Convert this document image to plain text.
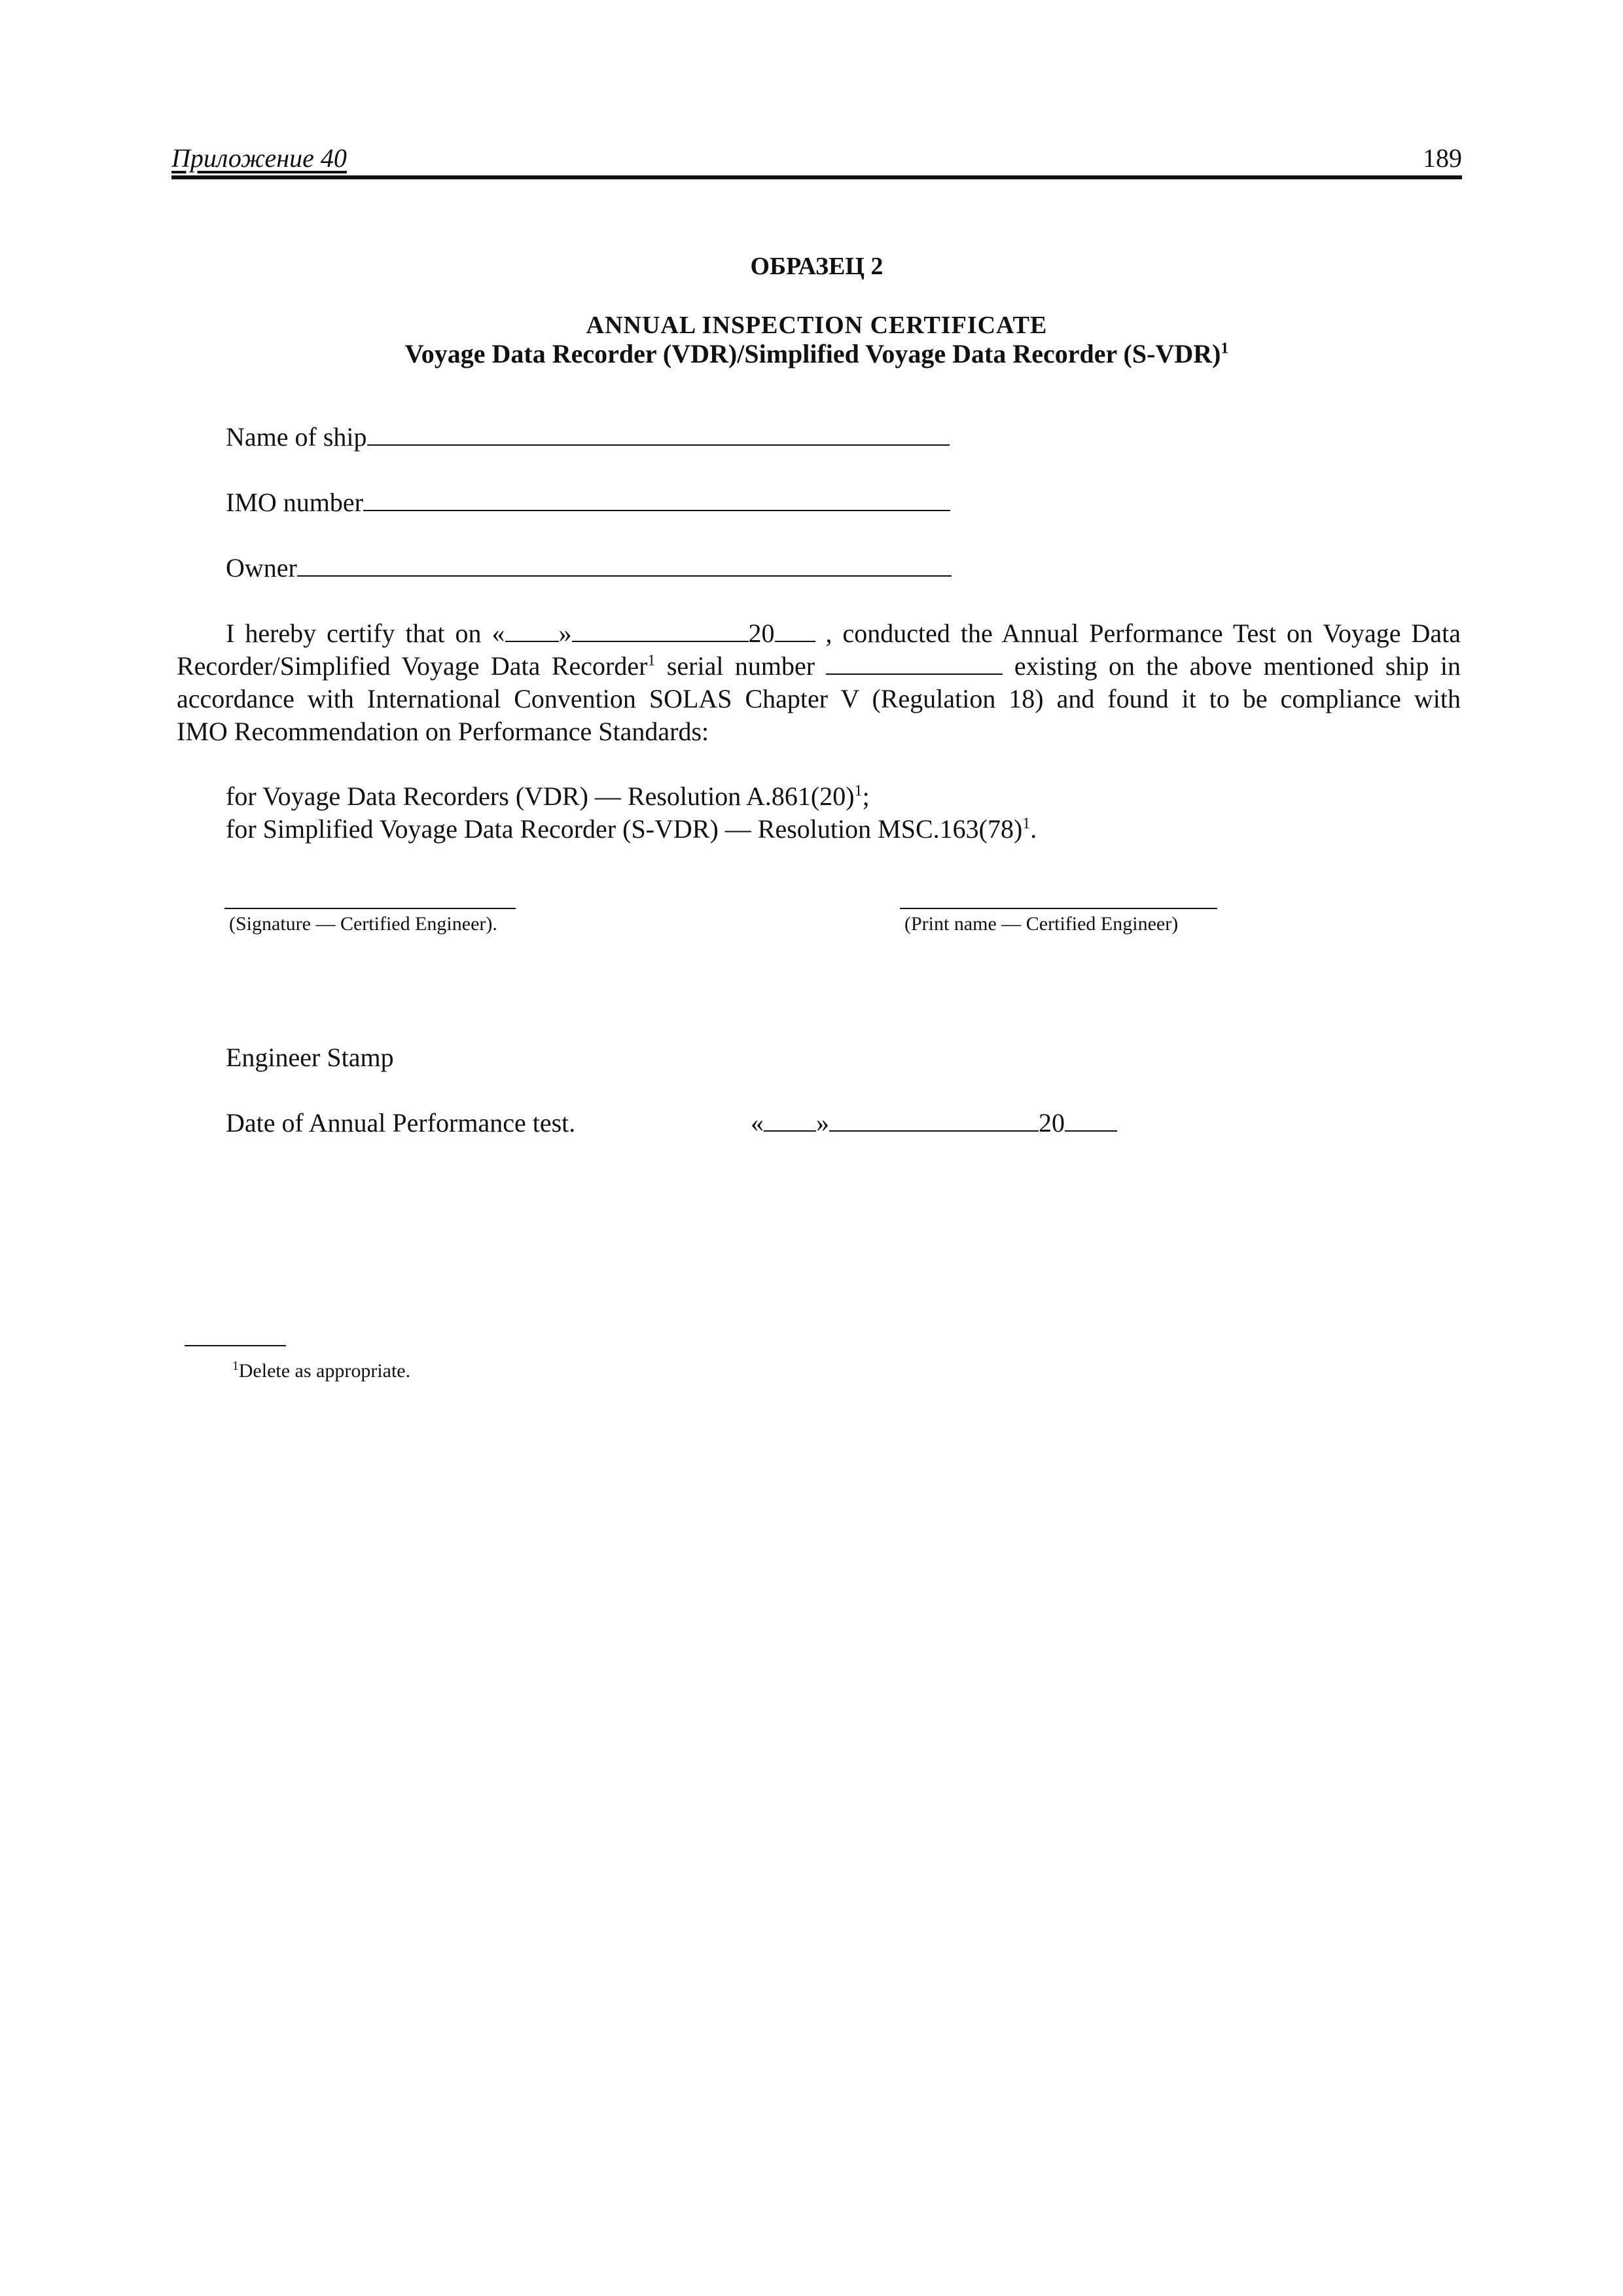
Приложение 40	189
ОБРАЗЕЦ 2
ANNUAL INSPECTION CERTIFICATE
Voyage Data Recorder (VDR)/Simplified Voyage Data Recorder $(S-VDR)^1$
Name of ship
IMO number
Owner
I hereby certify that on « »	20 , conducted the Annual Performance Test on Voyage Data
Recorder/Simplified Voyage Data Recorder$^1$ serial number	existing on the above mentioned ship in
accordance with International Convention SOLAS Chapter V (Regulation 18) and found it to be compliance with
IMO Recommendation on Performance Standards:
for Voyage Data Recorders (VDR) — Resolution $A.861(20)^1$;
for Simplified Voyage Data Recorder (S-VDR) — Resolution $MSC.163(78)^1$.
(Signature — Certified Engineer).	(Print name — Certified Engineer)
Engineer Stamp
Date of Annual Performance test.	« »	20
$^1$Delete as appropriate.
